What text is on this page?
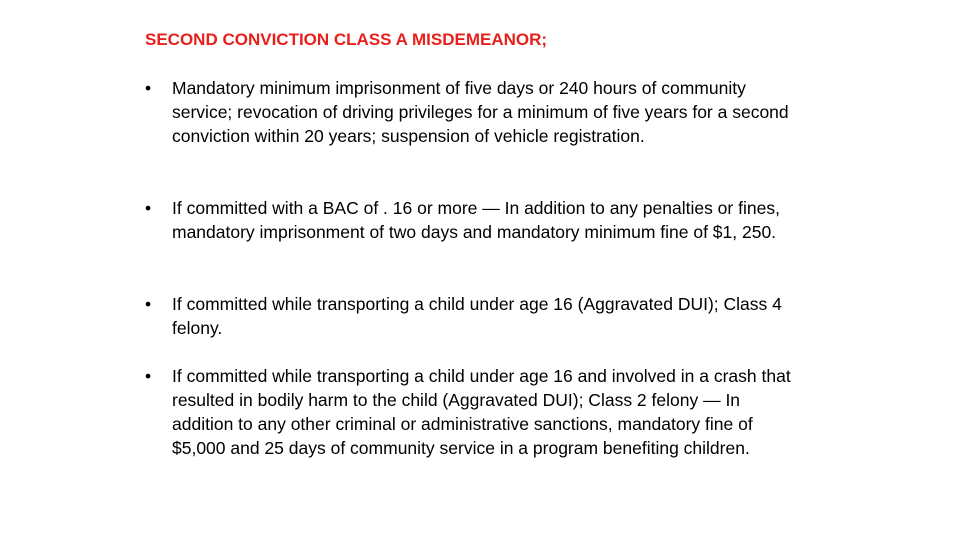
SECOND CONVICTION CLASS A MISDEMEANOR;
• Mandatory minimum imprisonment of five days or 240 hours of community service; revocation of driving privileges for a minimum of five years for a second conviction within 20 years; suspension of vehicle registration.
• If committed with a BAC of . 16 or more — In addition to any penalties or fines, mandatory imprisonment of two days and mandatory minimum fine of $1, 250.
• If committed while transporting a child under age 16 (Aggravated DUI); Class 4 felony.
• If committed while transporting a child under age 16 and involved in a crash that resulted in bodily harm to the child (Aggravated DUI); Class 2 felony — In addition to any other criminal or administrative sanctions, mandatory fine of $5,000 and 25 days of community service in a program benefiting children.
